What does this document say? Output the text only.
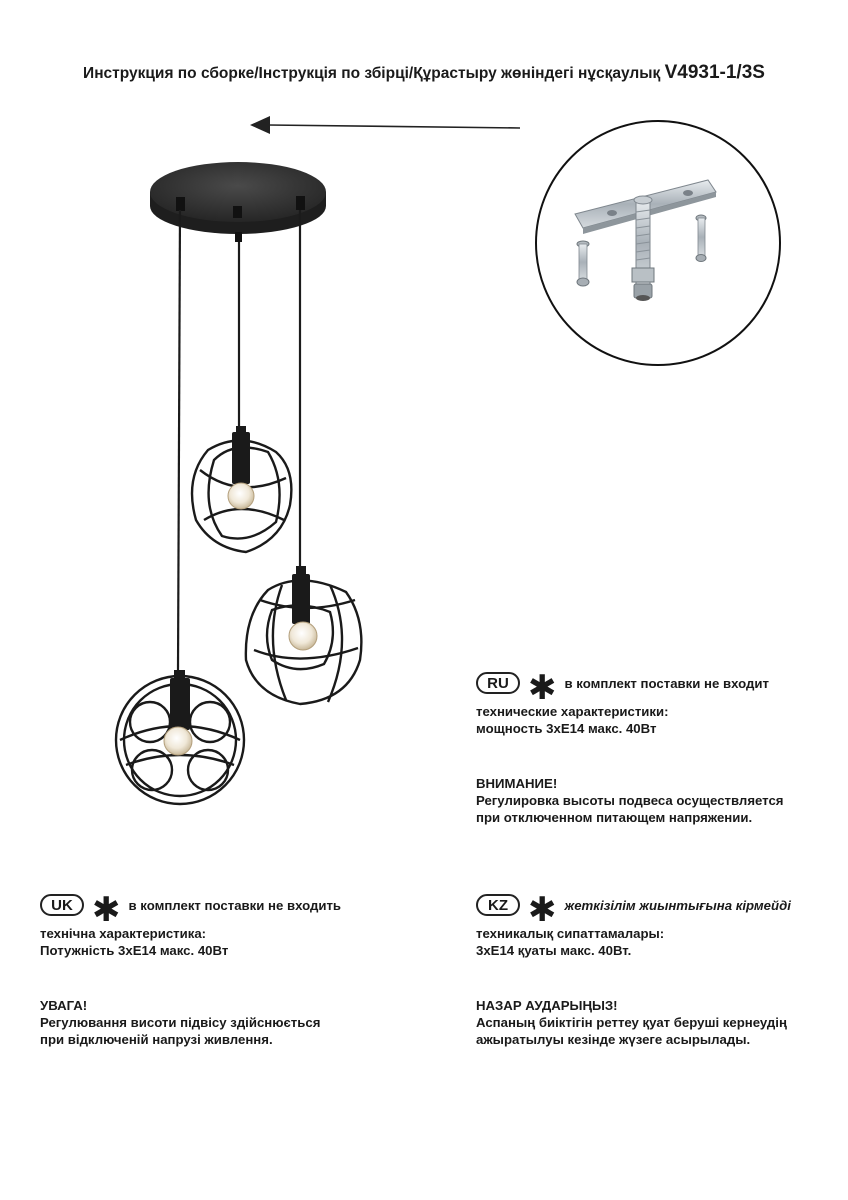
Инструкция по сборке/Інструкція по збірці/Құрастыру жөніндегі нұсқаулық V4931-1/3S
RU ✱ в комплект поставки не входит
технические характеристики:
мощность 3хЕ14 макс. 40Вт
ВНИМАНИЕ!
Регулировка высоты подвеса осуществляется
при отключенном питающем напряжении.
UK ✱ в комплект поставки не входить
технічна характеристика:
Потужність 3хЕ14 макс. 40Вт
УВАГА!
Регулювання висоти підвісу здійснюється
при відключеній напрузі живлення.
KZ ✱ жеткізілім жиынтығына кірмейді
техникалық сипаттамалары:
3хЕ14 қуаты макс. 40Вт.
НАЗАР АУДАРЫҢЫЗ!
Аспаның биіктігін реттеу қуат беруші кернеудің
ажыратылуы кезінде жүзеге асырылады.
